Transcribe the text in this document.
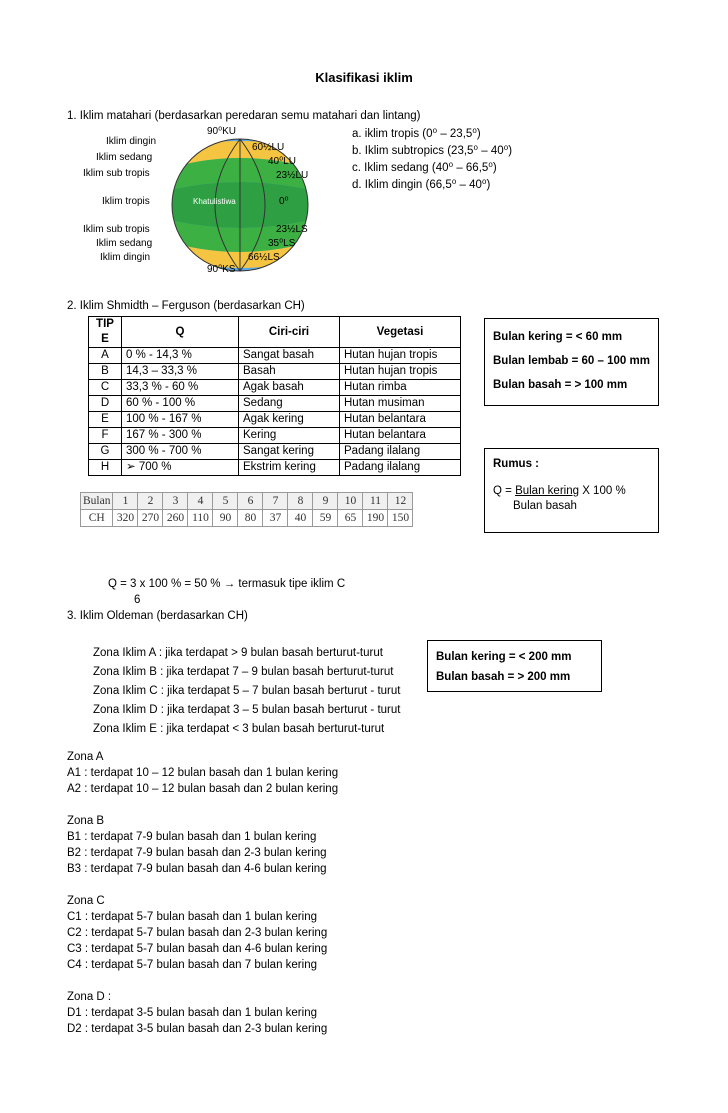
Klasifikasi iklim
1. Iklim matahari (berdasarkan peredaran semu matahari dan lintang)
a. iklim tropis (0⁰ – 23,5⁰)
b. Iklim subtropics (23,5⁰ – 40⁰)
c. Iklim sedang (40⁰ – 66,5⁰)
d. Iklim dingin (66,5⁰ – 40⁰)
Iklim dingin
Iklim sedang
Iklim sub tropis
Iklim tropis
Iklim sub tropis
Iklim sedang
Iklim dingin
90⁰KU
90⁰KS
Khatulistiwa
60½LU
40⁰LU
23½LU
0⁰
23½LS
35⁰LS
66½LS
2. Iklim Shmidth – Ferguson (berdasarkan CH)
TIP E	Q	Ciri-ciri	Vegetasi
A	0 % - 14,3 %	Sangat basah	Hutan hujan tropis
B	14,3 – 33,3 %	Basah	Hutan hujan tropis
C	33,3 % - 60 %	Agak basah	Hutan rimba
D	60 % - 100 %	Sedang	Hutan musiman
E	100 % - 167 %	Agak kering	Hutan belantara
F	167 % - 300 %	Kering	Hutan belantara
G	300 % - 700 %	Sangat kering	Padang ilalang
H	➢ 700 %	Ekstrim kering	Padang ilalang
Bulan kering = < 60 mm
Bulan lembab = 60 – 100 mm
Bulan basah = > 100 mm
Rumus :
Q = Bulan kering X 100 %
Bulan basah
Bulan	1	2	3	4	5	6	7	8	9	10	11	12
CH	320	270	260	110	90	80	37	40	59	65	190	150
Q = 3 x 100 % = 50 % → termasuk tipe iklim C
6
3. Iklim Oldeman (berdasarkan CH)
Zona Iklim A : jika terdapat > 9 bulan basah berturut-turut
Zona Iklim B : jika terdapat 7 – 9 bulan basah berturut-turut
Zona Iklim C : jika terdapat 5 – 7 bulan basah berturut - turut
Zona Iklim D : jika terdapat 3 – 5 bulan basah berturut - turut
Zona Iklim E : jika terdapat < 3 bulan basah berturut-turut
Bulan kering = < 200 mm
Bulan basah = > 200 mm
Zona A
A1 : terdapat 10 – 12 bulan basah dan 1 bulan kering
A2 : terdapat 10 – 12 bulan basah dan 2 bulan kering
Zona B
B1 : terdapat 7-9 bulan basah dan 1 bulan kering
B2 : terdapat 7-9 bulan basah dan 2-3 bulan kering
B3 : terdapat 7-9 bulan basah dan 4-6 bulan kering
Zona C
C1 : terdapat 5-7 bulan basah dan 1 bulan kering
C2 : terdapat 5-7 bulan basah dan 2-3 bulan kering
C3 : terdapat 5-7 bulan basah dan 4-6 bulan kering
C4 : terdapat 5-7 bulan basah dan 7 bulan kering
Zona D :
D1 : terdapat 3-5 bulan basah dan 1 bulan kering
D2 : terdapat 3-5 bulan basah dan 2-3 bulan kering
